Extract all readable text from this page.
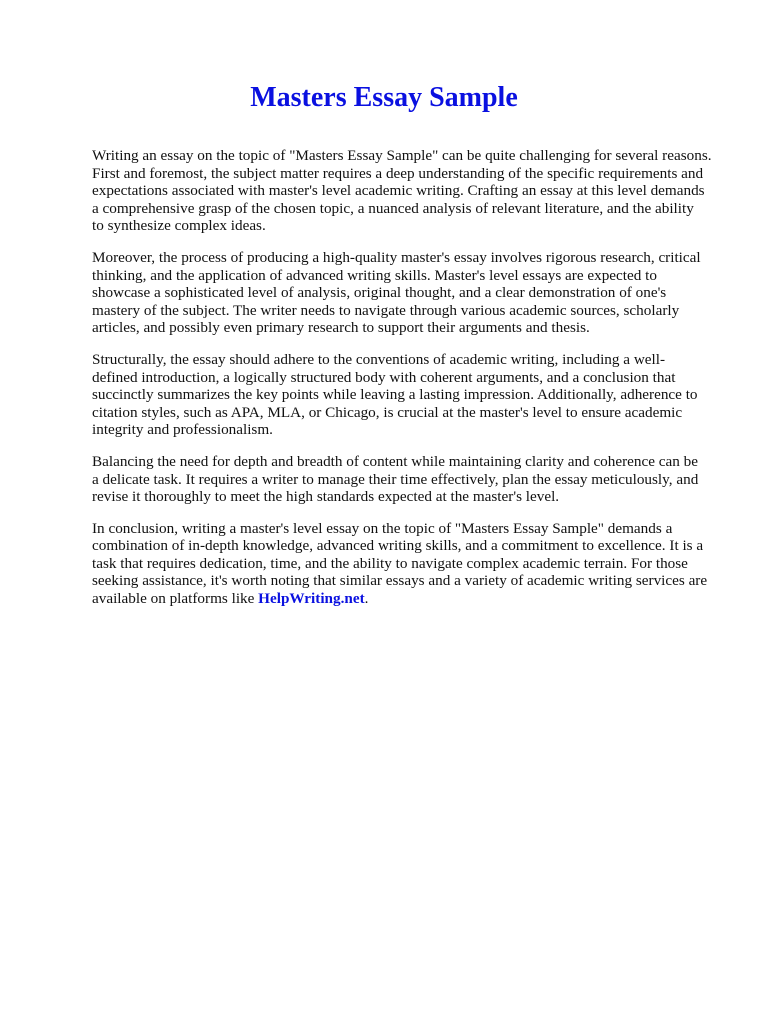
Masters Essay Sample

Writing an essay on the topic of "Masters Essay Sample" can be quite challenging for several reasons.
First and foremost, the subject matter requires a deep understanding of the specific requirements and
expectations associated with master's level academic writing. Crafting an essay at this level demands
a comprehensive grasp of the chosen topic, a nuanced analysis of relevant literature, and the ability
to synthesize complex ideas.

Moreover, the process of producing a high-quality master's essay involves rigorous research, critical
thinking, and the application of advanced writing skills. Master's level essays are expected to
showcase a sophisticated level of analysis, original thought, and a clear demonstration of one's
mastery of the subject. The writer needs to navigate through various academic sources, scholarly
articles, and possibly even primary research to support their arguments and thesis.

Structurally, the essay should adhere to the conventions of academic writing, including a well-
defined introduction, a logically structured body with coherent arguments, and a conclusion that
succinctly summarizes the key points while leaving a lasting impression. Additionally, adherence to
citation styles, such as APA, MLA, or Chicago, is crucial at the master's level to ensure academic
integrity and professionalism.

Balancing the need for depth and breadth of content while maintaining clarity and coherence can be
a delicate task. It requires a writer to manage their time effectively, plan the essay meticulously, and
revise it thoroughly to meet the high standards expected at the master's level.

In conclusion, writing a master's level essay on the topic of "Masters Essay Sample" demands a
combination of in-depth knowledge, advanced writing skills, and a commitment to excellence. It is a
task that requires dedication, time, and the ability to navigate complex academic terrain. For those
seeking assistance, it's worth noting that similar essays and a variety of academic writing services are
available on platforms like HelpWriting.net.
